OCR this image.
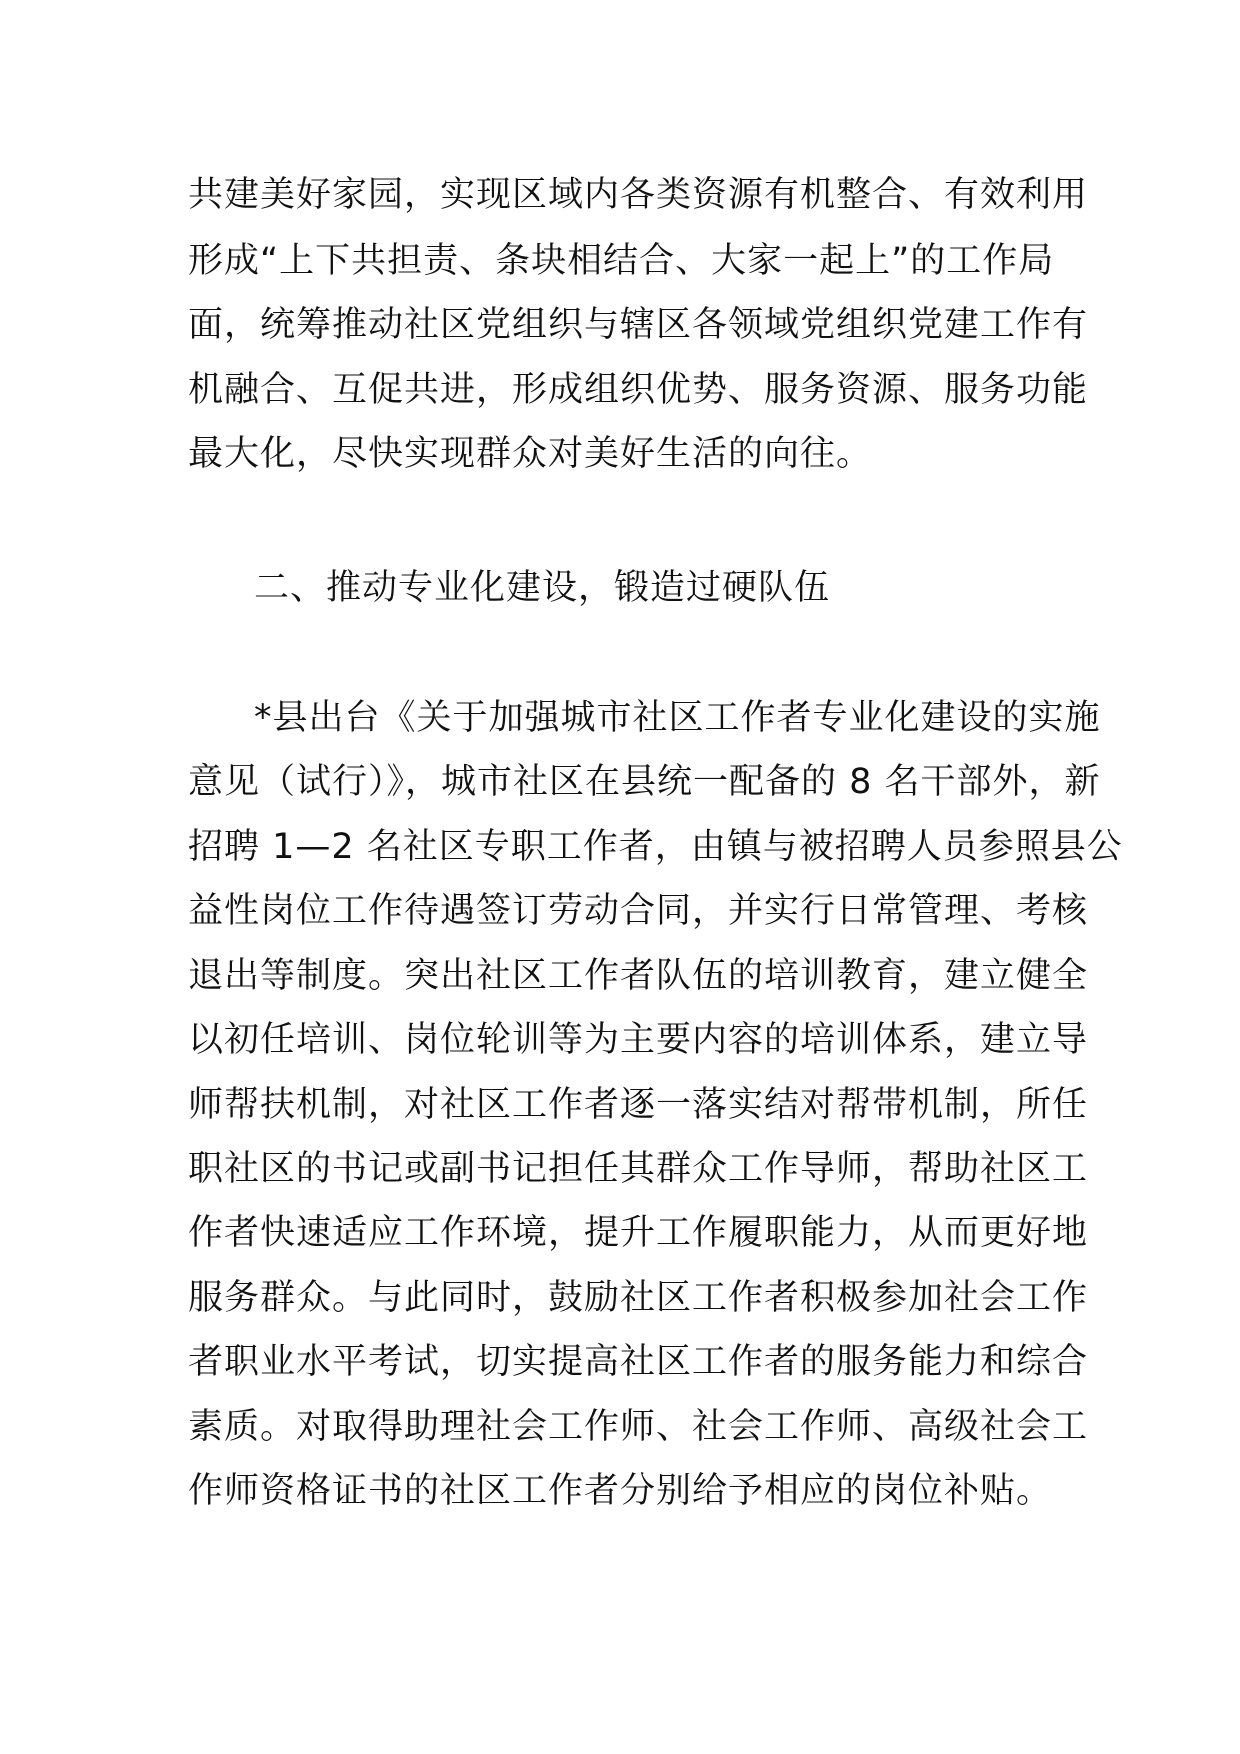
共建美好家园，实现区域内各类资源有机整合、有效利用
形成“上下共担责、条块相结合、大家一起上”的工作局
面，统筹推动社区党组织与辖区各领域党组织党建工作有
机融合、互促共进，形成组织优势、服务资源、服务功能
最大化，尽快实现群众对美好生活的向往。
二、推动专业化建设，锻造过硬队伍
*县出台《关于加强城市社区工作者专业化建设的实施
意见（试行）》，城市社区在县统一配备的 8 名干部外，新
招聘 1—2 名社区专职工作者，由镇与被招聘人员参照县公
益性岗位工作待遇签订劳动合同，并实行日常管理、考核
退出等制度。突出社区工作者队伍的培训教育，建立健全
以初任培训、岗位轮训等为主要内容的培训体系，建立导
师帮扶机制，对社区工作者逐一落实结对帮带机制，所任
职社区的书记或副书记担任其群众工作导师，帮助社区工
作者快速适应工作环境，提升工作履职能力，从而更好地
服务群众。与此同时，鼓励社区工作者积极参加社会工作
者职业水平考试，切实提高社区工作者的服务能力和综合
素质。对取得助理社会工作师、社会工作师、高级社会工
作师资格证书的社区工作者分别给予相应的岗位补贴。
